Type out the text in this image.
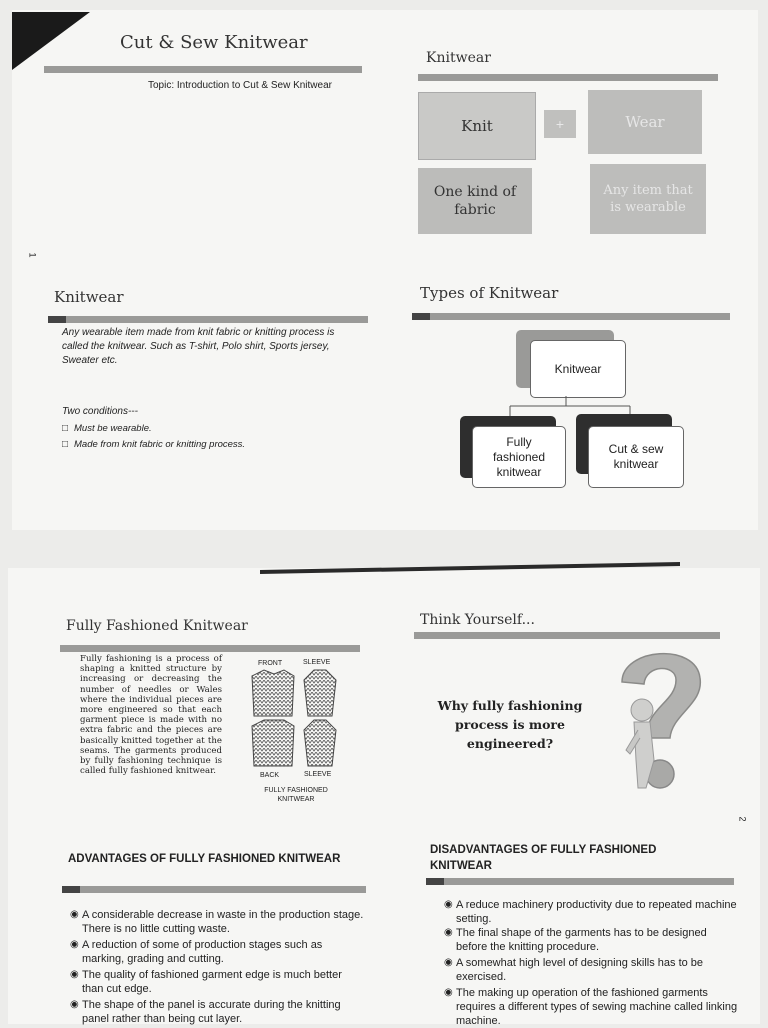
Cut & Sew Knitwear
Topic: Introduction to Cut & Sew Knitwear
1
Knitwear
Knit	+	Wear
One kind of fabric
Any item that is wearable
Knitwear
Any wearable item made from knit fabric or knitting process is called the knitwear. Such as T-shirt, Polo shirt, Sports jersey, Sweater etc.
Two conditions---
□ Must be wearable.
□ Made from knit fabric or knitting process.
Types of Knitwear
Knitwear
Fully fashioned knitwear
Cut & sew knitwear
Fully Fashioned Knitwear
Fully fashioning is a process of shaping a knitted structure by increasing or decreasing the number of needles or Wales where the individual pieces are more engineered so that each garment piece is made with no extra fabric and the pieces are basically knitted together at the seams. The garments produced by fully fashioning technique is called fully fashioned knitwear.
FRONT	SLEEVE
BACK	SLEEVE
FULLY FASHIONED KNITWEAR
Think Yourself...
Why fully fashioning process is more engineered?
ADVANTAGES OF FULLY FASHIONED KNITWEAR
◉ A considerable decrease in waste in the production stage. There is no little cutting waste.
◉ A reduction of some of production stages such as marking, grading and cutting.
◉ The quality of fashioned garment edge is much better than cut edge.
◉ The shape of the panel is accurate during the knitting panel rather than being cut layer.
DISADVANTAGES OF FULLY FASHIONED KNITWEAR
◉ A reduce machinery productivity due to repeated machine setting.
◉ The final shape of the garments has to be designed before the knitting procedure.
◉ A somewhat high level of designing skills has to be exercised.
◉ The making up operation of the fashioned garments requires a different types of sewing machine called linking machine.
2
